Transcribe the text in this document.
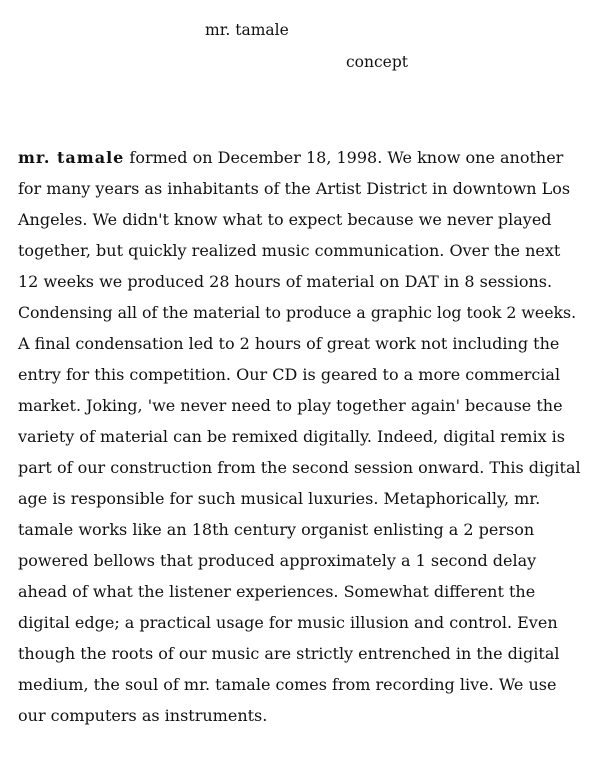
mr. tamale
concept
mr. tamale formed on December 18, 1998. We know one another
for many years as inhabitants of the Artist District in downtown Los
Angeles. We didn't know what to expect because we never played
together, but quickly realized music communication. Over the next
12 weeks we produced 28 hours of material on DAT in 8 sessions.
Condensing all of the material to produce a graphic log took 2 weeks.
A final condensation led to 2 hours of great work not including the
entry for this competition. Our CD is geared to a more commercial
market. Joking, 'we never need to play together again' because the
variety of material can be remixed digitally. Indeed, digital remix is
part of our construction from the second session onward. This digital
age is responsible for such musical luxuries. Metaphorically, mr.
tamale works like an 18th century organist enlisting a 2 person
powered bellows that produced approximately a 1 second delay
ahead of what the listener experiences. Somewhat different the
digital edge; a practical usage for music illusion and control. Even
though the roots of our music are strictly entrenched in the digital
medium, the soul of mr. tamale comes from recording live. We use
our computers as instruments.
